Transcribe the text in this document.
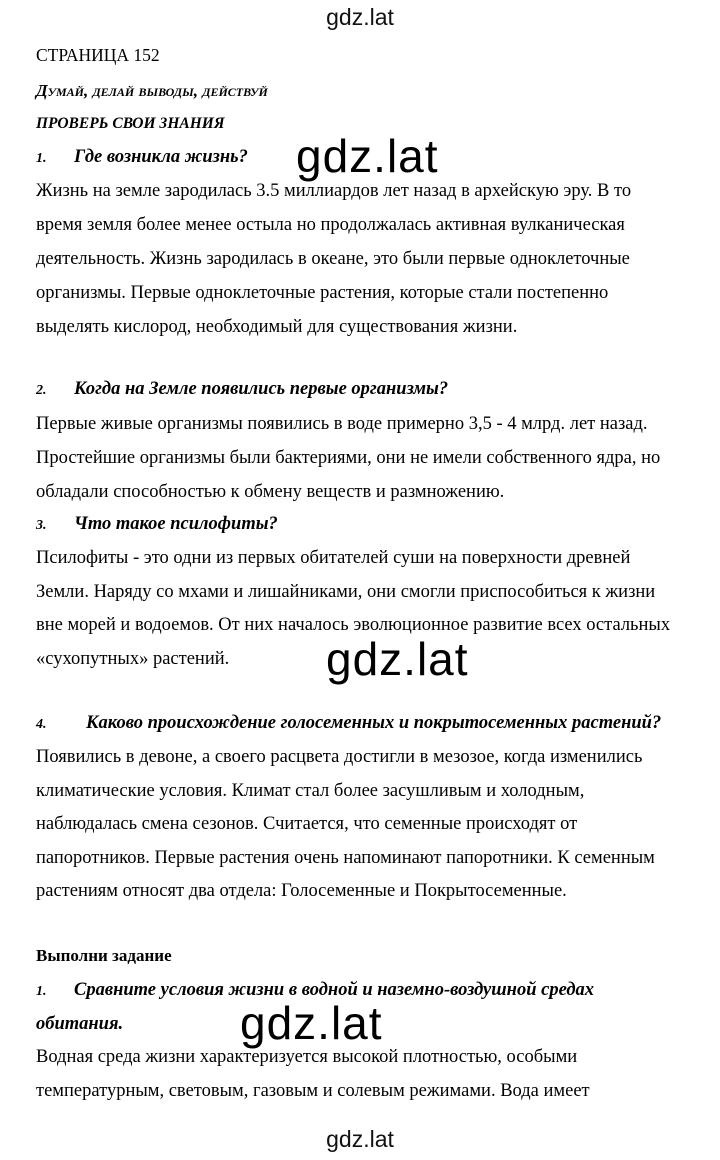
gdz.lat
gdz.lat
gdz.lat
gdz.lat
gdz.lat
СТРАНИЦА 152
Думай, делай выводы, действуй
ПРОВЕРЬ СВОИ ЗНАНИЯ
1. Где возникла жизнь?
Жизнь на земле зародилась 3.5 миллиардов лет назад в архейскую эру. В то
время земля более менее остыла но продолжалась активная вулканическая
деятельность. Жизнь зародилась в океане, это были первые одноклеточные
организмы. Первые одноклеточные растения, которые стали постепенно
выделять кислород, необходимый для существования жизни.
2. Когда на Земле появились первые организмы?
Первые живые организмы появились в воде примерно 3,5 - 4 млрд. лет назад.
Простейшие организмы были бактериями, они не имели собственного ядра, но
обладали способностью к обмену веществ и размножению.
3. Что такое псилофиты?
Псилофиты - это одни из первых обитателей суши на поверхности древней
Земли. Наряду со мхами и лишайниками, они смогли приспособиться к жизни
вне морей и водоемов. От них началось эволюционное развитие всех остальных
«сухопутных» растений.
4. Каково происхождение голосеменных и покрытосеменных растений?
Появились в девоне, а своего расцвета достигли в мезозое, когда изменились
климатические условия. Климат стал более засушливым и холодным,
наблюдалась смена сезонов. Считается, что семенные происходят от
папоротников. Первые растения очень напоминают папоротники. К семенным
растениям относят два отдела: Голосеменные и Покрытосеменные.
Выполни задание
1. Сравните условия жизни в водной и наземно-воздушной средах
обитания.
Водная среда жизни характеризуется высокой плотностью, особыми
температурным, световым, газовым и солевым режимами. Вода имеет
